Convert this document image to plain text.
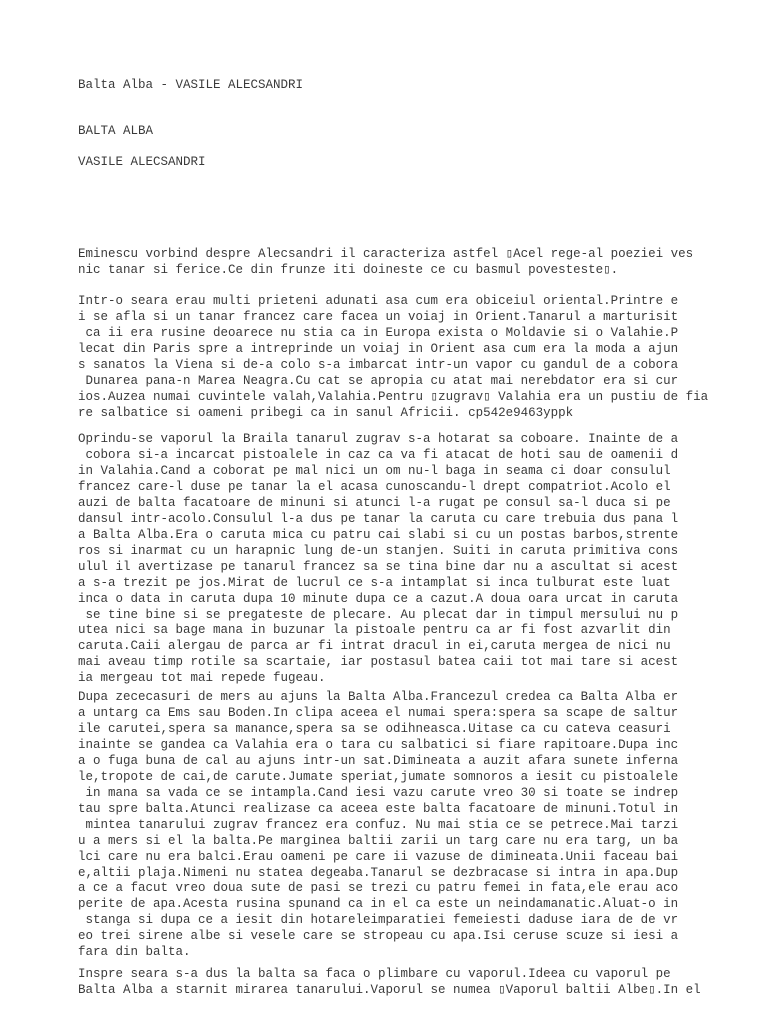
Balta Alba - VASILE ALECSANDRI

BALTA ALBA

VASILE ALECSANDRI

Eminescu vorbind despre Alecsandri il caracteriza astfel ▯Acel rege-al poeziei ves

nic tanar si ferice.Ce din frunze iti doineste ce cu basmul povesteste▯.

Intr-o seara erau multi prieteni adunati asa cum era obiceiul oriental.Printre e

i se afla si un tanar francez care facea un voiaj in Orient.Tanarul a marturisit

ca ii era rusine deoarece nu stia ca in Europa exista o Moldavie si o Valahie.P

lecat din Paris spre a intreprinde un voiaj in Orient asa cum era la moda a ajun

s sanatos la Viena si de-a colo s-a imbarcat intr-un vapor cu gandul de a cobora

Dunarea pana-n Marea Neagra.Cu cat se apropia cu atat mai nerebdator era si cur

ios.Auzea numai cuvintele valah,Valahia.Pentru ▯zugrav▯ Valahia era un pustiu de fia

re salbatice si oameni pribegi ca in sanul Africii. cp542e9463yppk

Oprindu-se vaporul la Braila tanarul zugrav s-a hotarat sa coboare. Inainte de a

cobora si-a incarcat pistoalele in caz ca va fi atacat de hoti sau de oamenii d

in Valahia.Cand a coborat pe mal nici un om nu-l baga in seama ci doar consulul

francez care-l duse pe tanar la el acasa cunoscandu-l drept compatriot.Acolo el

auzi de balta facatoare de minuni si atunci l-a rugat pe consul sa-l duca si pe

dansul intr-acolo.Consulul l-a dus pe tanar la caruta cu care trebuia dus pana l

a Balta Alba.Era o caruta mica cu patru cai slabi si cu un postas barbos,strente

ros si inarmat cu un harapnic lung de-un stanjen. Suiti in caruta primitiva cons

ulul il avertizase pe tanarul francez sa se tina bine dar nu a ascultat si acest

a s-a trezit pe jos.Mirat de lucrul ce s-a intamplat si inca tulburat este luat

inca o data in caruta dupa 10 minute dupa ce a cazut.A doua oara urcat in caruta

se tine bine si se pregateste de plecare. Au plecat dar in timpul mersului nu p

utea nici sa bage mana in buzunar la pistoale pentru ca ar fi fost azvarlit din

caruta.Caii alergau de parca ar fi intrat dracul in ei,caruta mergea de nici nu

mai aveau timp rotile sa scartaie, iar postasul batea caii tot mai tare si acest

ia mergeau tot mai repede fugeau.

Dupa zececasuri de mers au ajuns la Balta Alba.Francezul credea ca Balta Alba er

a untarg ca Ems sau Boden.In clipa aceea el numai spera:spera sa scape de saltur

ile carutei,spera sa manance,spera sa se odihneasca.Uitase ca cu cateva ceasuri

inainte se gandea ca Valahia era o tara cu salbatici si fiare rapitoare.Dupa inc

a o fuga buna de cal au ajuns intr-un sat.Dimineata a auzit afara sunete inferna

le,tropote de cai,de carute.Jumate speriat,jumate somnoros a iesit cu pistoalele

in mana sa vada ce se intampla.Cand iesi vazu carute vreo 30 si toate se indrep

tau spre balta.Atunci realizase ca aceea este balta facatoare de minuni.Totul in

mintea tanarului zugrav francez era confuz. Nu mai stia ce se petrece.Mai tarzi

u a mers si el la balta.Pe marginea baltii zarii un targ care nu era targ, un ba

lci care nu era balci.Erau oameni pe care ii vazuse de dimineata.Unii faceau bai

e,altii plaja.Nimeni nu statea degeaba.Tanarul se dezbracase si intra in apa.Dup

a ce a facut vreo doua sute de pasi se trezi cu patru femei in fata,ele erau aco

perite de apa.Acesta rusina spunand ca in el ca este un neindamanatic.Aluat-o in

stanga si dupa ce a iesit din hotareleimparatiei femeiesti daduse iara de de vr

eo trei sirene albe si vesele care se stropeau cu apa.Isi ceruse scuze si iesi a

fara din balta.

Inspre seara s-a dus la balta sa faca o plimbare cu vaporul.Ideea cu vaporul pe

Balta Alba a starnit mirarea tanarului.Vaporul se numea ▯Vaporul baltii Albe▯.In el
